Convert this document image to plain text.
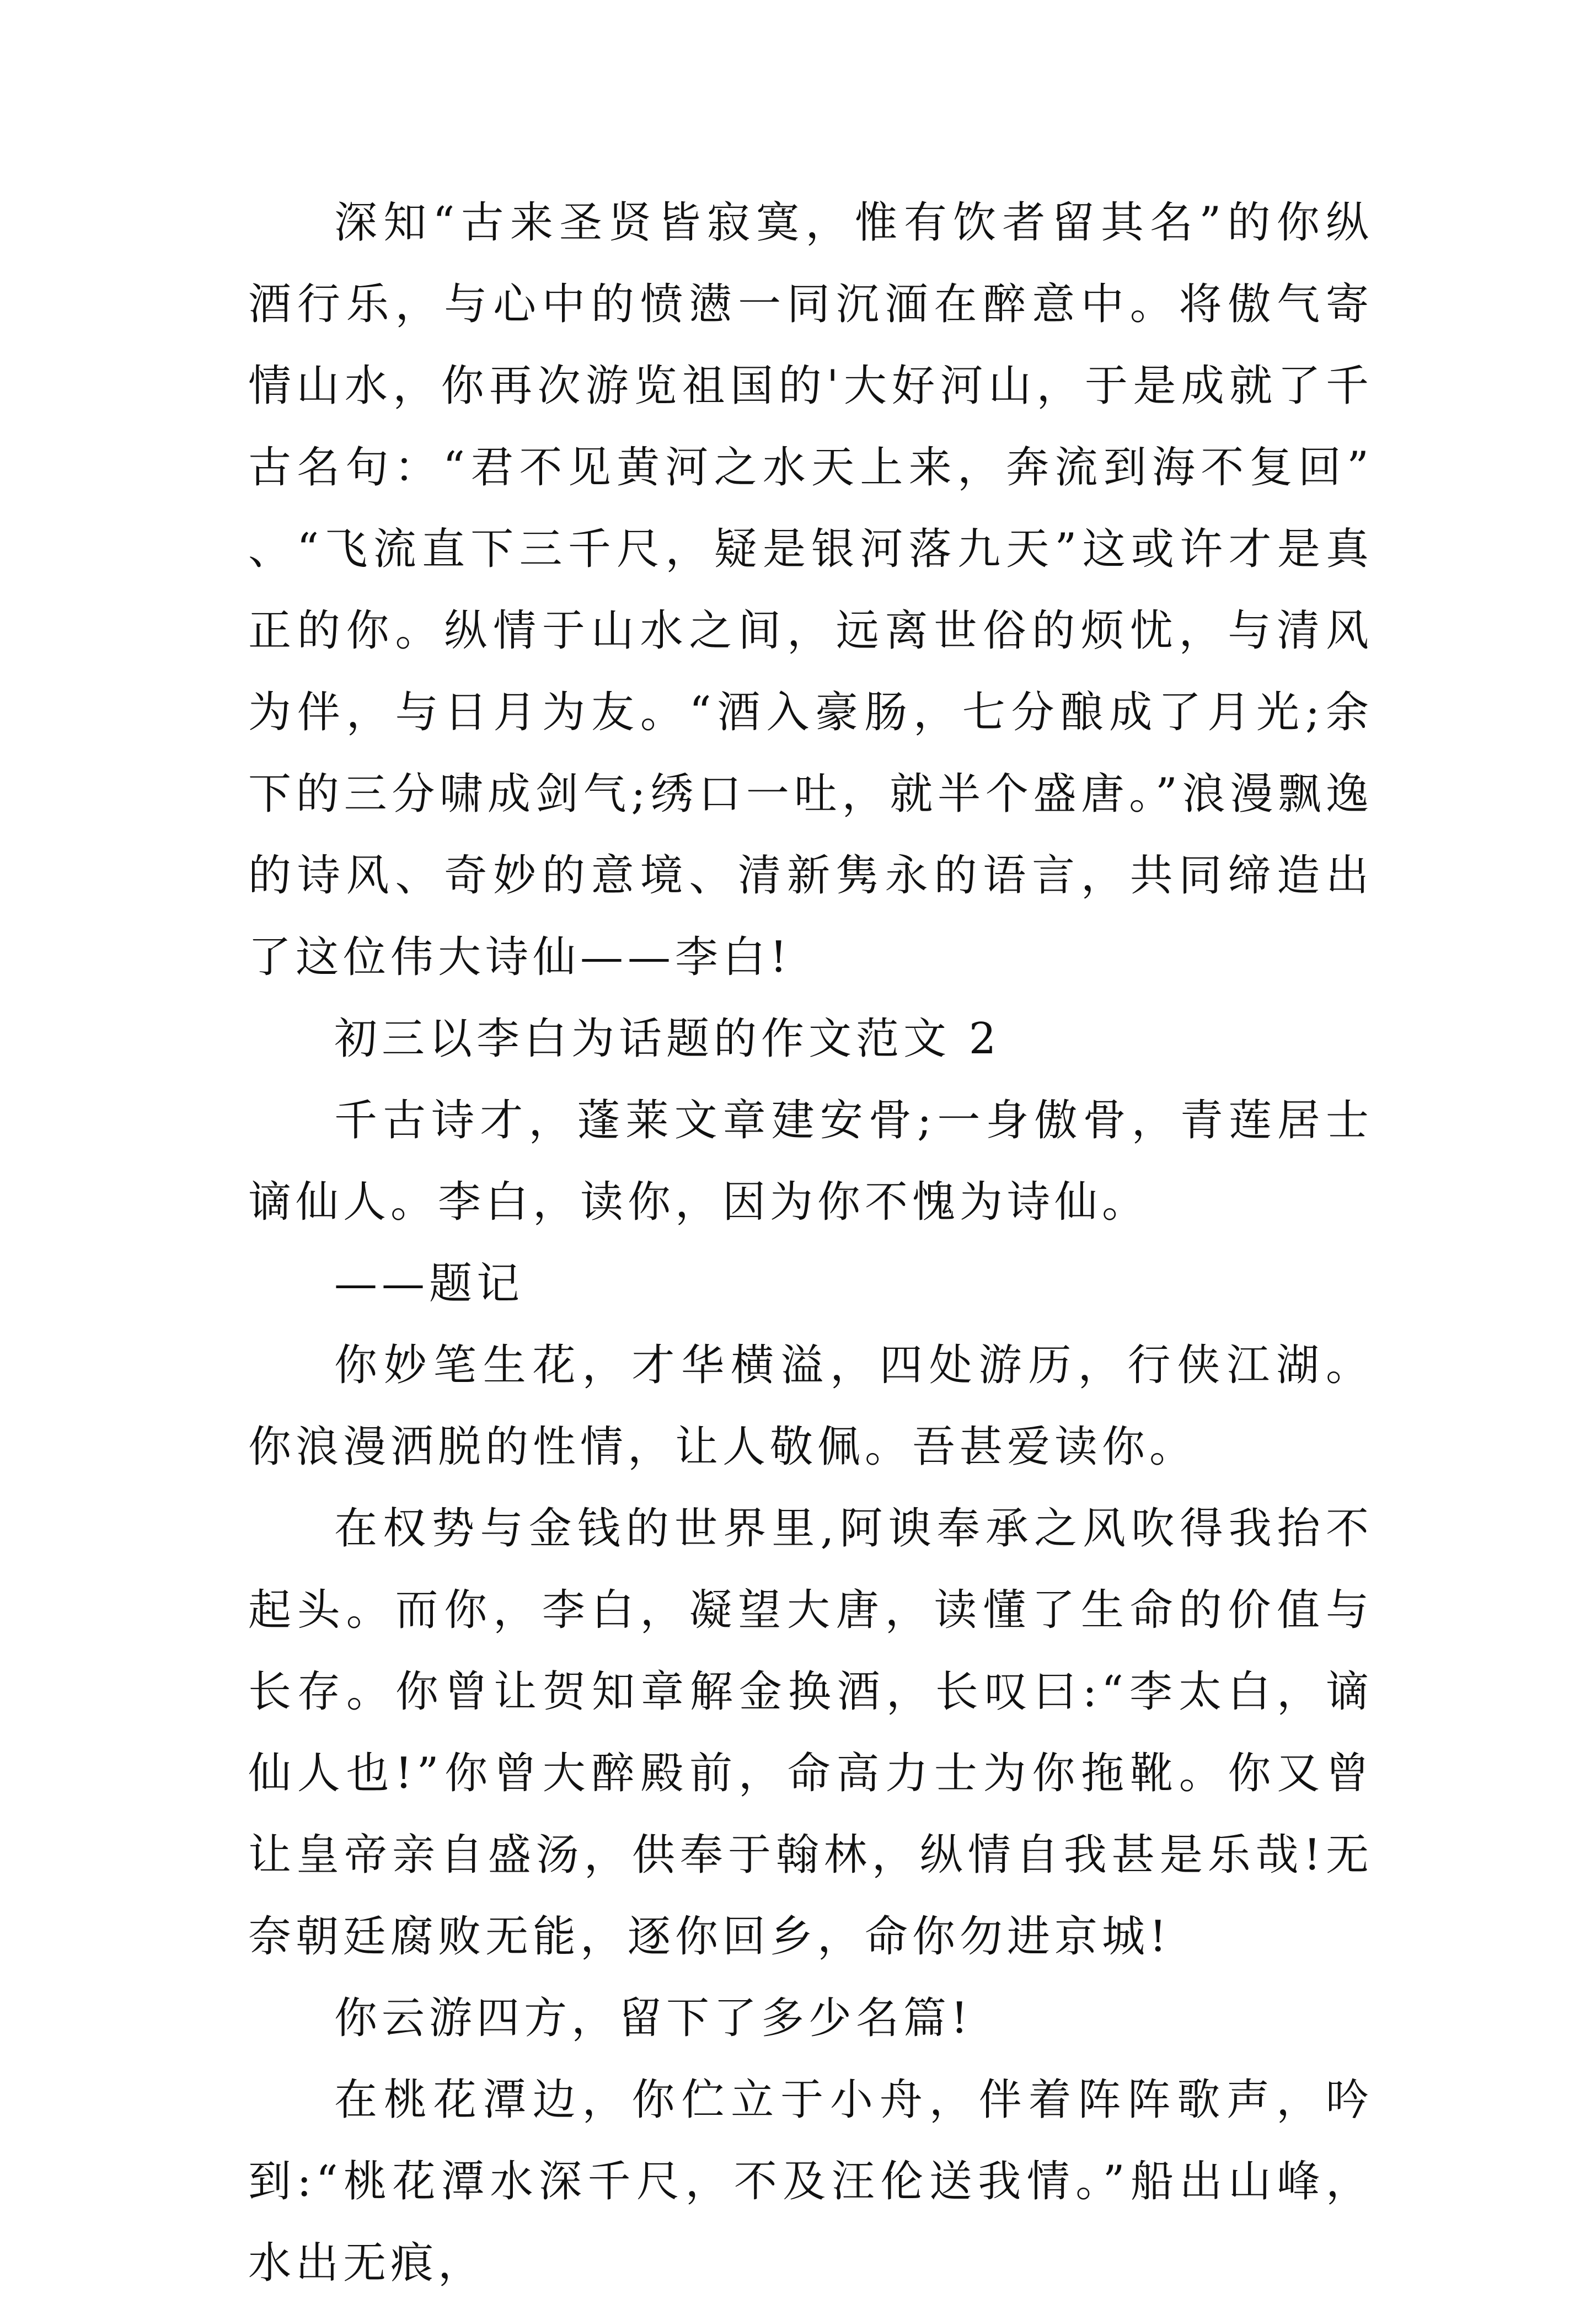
深知“古来圣贤皆寂寞，惟有饮者留其名”的你纵酒行乐，与心中的愤懑一同沉湎在醉意中。将傲气寄情山水，你再次游览祖国的'大好河山，于是成就了千古名句：“君不见黄河之水天上来，奔流到海不复回”、“飞流直下三千尺，疑是银河落九天”这或许才是真正的你。纵情于山水之间，远离世俗的烦忧，与清风为伴，与日月为友。“酒入豪肠，七分酿成了月光;余下的三分啸成剑气;绣口一吐，就半个盛唐。”浪漫飘逸的诗风、奇妙的意境、清新隽永的语言，共同缔造出了这位伟大诗仙——李白!

初三以李白为话题的作文范文 2

千古诗才，蓬莱文章建安骨;一身傲骨，青莲居士谪仙人。李白，读你，因为你不愧为诗仙。

——题记

你妙笔生花，才华横溢，四处游历，行侠江湖。你浪漫洒脱的性情，让人敬佩。吾甚爱读你。

在权势与金钱的世界里,阿谀奉承之风吹得我抬不起头。而你，李白，凝望大唐，读懂了生命的价值与长存。你曾让贺知章解金换酒，长叹曰:“李太白，谪仙人也!”你曾大醉殿前，命高力士为你拖靴。你又曾让皇帝亲自盛汤，供奉于翰林，纵情自我甚是乐哉!无奈朝廷腐败无能，逐你回乡，命你勿进京城!

你云游四方，留下了多少名篇!

在桃花潭边，你伫立于小舟，伴着阵阵歌声，吟到:“桃花潭水深千尺，不及汪伦送我情。”船出山峰，水出无痕，
